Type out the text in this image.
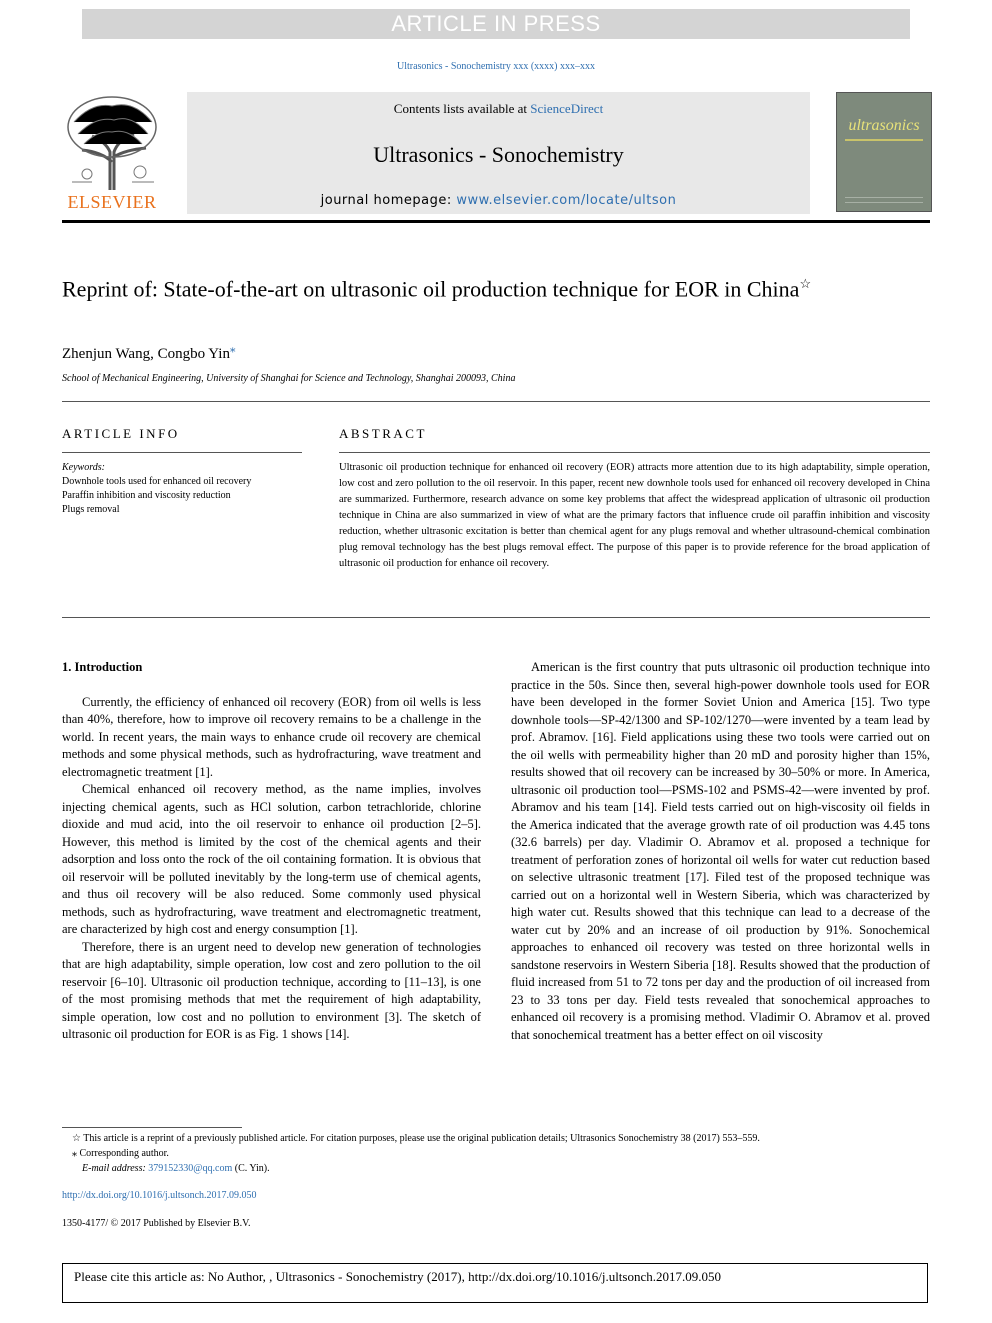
ARTICLE IN PRESS
Ultrasonics - Sonochemistry xxx (xxxx) xxx–xxx
ELSEVIER
Contents lists available at ScienceDirect
Ultrasonics - Sonochemistry
journal homepage: www.elsevier.com/locate/ultson
ultrasonics
Reprint of: State-of-the-art on ultrasonic oil production technique for EOR in China☆
Zhenjun Wang, Congbo Yin⁎
School of Mechanical Engineering, University of Shanghai for Science and Technology, Shanghai 200093, China
ARTICLE INFO
Keywords:
Downhole tools used for enhanced oil recovery
Paraffin inhibition and viscosity reduction
Plugs removal
ABSTRACT
Ultrasonic oil production technique for enhanced oil recovery (EOR) attracts more attention due to its high adaptability, simple operation, low cost and zero pollution to the oil reservoir. In this paper, recent new downhole tools used for enhanced oil recovery developed in China are summarized. Furthermore, research advance on some key problems that affect the widespread application of ultrasonic oil production technique in China are also summarized in view of what are the primary factors that influence crude oil paraffin inhibition and viscosity reduction, whether ultrasonic excitation is better than chemical agent for any plugs removal and whether ultrasound-chemical combination plug removal technology has the best plugs removal effect. The purpose of this paper is to provide reference for the broad application of ultrasonic oil production for enhance oil recovery.
1. Introduction

Currently, the efficiency of enhanced oil recovery (EOR) from oil wells is less than 40%, therefore, how to improve oil recovery remains to be a challenge in the world. In recent years, the main ways to enhance crude oil recovery are chemical methods and some physical methods, such as hydrofracturing, wave treatment and electromagnetic treatment [1].

Chemical enhanced oil recovery method, as the name implies, involves injecting chemical agents, such as HCl solution, carbon tetrachloride, chlorine dioxide and mud acid, into the oil reservoir to enhance oil production [2–5]. However, this method is limited by the cost of the chemical agents and their adsorption and loss onto the rock of the oil containing formation. It is obvious that oil reservoir will be polluted inevitably by the long-term use of chemical agents, and thus oil recovery will be also reduced. Some commonly used physical methods, such as hydrofracturing, wave treatment and electromagnetic treatment, are characterized by high cost and energy consumption [1].

Therefore, there is an urgent need to develop new generation of technologies that are high adaptability, simple operation, low cost and zero pollution to the oil reservoir [6–10]. Ultrasonic oil production technique, according to [11–13], is one of the most promising methods that met the requirement of high adaptability, simple operation, low cost and no pollution to environment [3]. The sketch of ultrasonic oil production for EOR is as Fig. 1 shows [14].

American is the first country that puts ultrasonic oil production technique into practice in the 50s. Since then, several high-power downhole tools used for EOR have been developed in the former Soviet Union and America [15]. Two type downhole tools—SP-42/1300 and SP-102/1270—were invented by a team lead by prof. Abramov. [16]. Field applications using these two tools were carried out on the oil wells with permeability higher than 20 mD and porosity higher than 15%, results showed that oil recovery can be increased by 30–50% or more. In America, ultrasonic oil production tool—PSMS-102 and PSMS-42—were invented by prof. Abramov and his team [14]. Field tests carried out on high-viscosity oil fields in the America indicated that the average growth rate of oil production was 4.45 tons (32.6 barrels) per day. Vladimir O. Abramov et al. proposed a technique for treatment of perforation zones of horizontal oil wells for water cut reduction based on selective ultrasonic treatment [17]. Filed test of the proposed technique was carried out on a horizontal well in Western Siberia, which was characterized by high water cut. Results showed that this technique can lead to a decrease of the water cut by 20% and an increase of oil production by 91%. Sonochemical approaches to enhanced oil recovery was tested on three horizontal wells in sandstone reservoirs in Western Siberia [18]. Results showed that the production of fluid increased from 51 to 72 tons per day and the production of oil increased from 23 to 33 tons per day. Field tests revealed that sonochemical approaches to enhanced oil recovery is a promising method. Vladimir O. Abramov et al. proved that sonochemical treatment has a better effect on oil viscosity

☆ This article is a reprint of a previously published article. For citation purposes, please use the original publication details; Ultrasonics Sonochemistry 38 (2017) 553–559.
⁎ Corresponding author.
E-mail address: 379152330@qq.com (C. Yin).
http://dx.doi.org/10.1016/j.ultsonch.2017.09.050
1350-4177/ © 2017 Published by Elsevier B.V.
Please cite this article as: No Author, , Ultrasonics - Sonochemistry (2017), http://dx.doi.org/10.1016/j.ultsonch.2017.09.050
